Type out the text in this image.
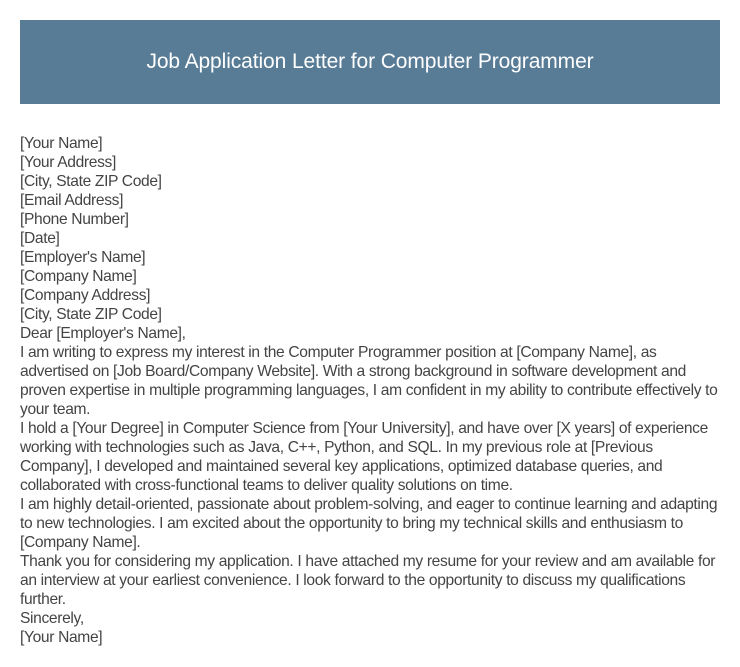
Job Application Letter for Computer Programmer

[Your Name]

[Your Address]

[City, State ZIP Code]

[Email Address]

[Phone Number]

[Date]

[Employer's Name]

[Company Name]

[Company Address]

[City, State ZIP Code]

Dear [Employer's Name],

I am writing to express my interest in the Computer Programmer position at [Company Name], as advertised on [Job Board/Company Website]. With a strong background in software development and proven expertise in multiple programming languages, I am confident in my ability to contribute effectively to your team.

I hold a [Your Degree] in Computer Science from [Your University], and have over [X years] of experience working with technologies such as Java, C++, Python, and SQL. In my previous role at [Previous Company], I developed and maintained several key applications, optimized database queries, and collaborated with cross-functional teams to deliver quality solutions on time.

I am highly detail-oriented, passionate about problem-solving, and eager to continue learning and adapting to new technologies. I am excited about the opportunity to bring my technical skills and enthusiasm to [Company Name].

Thank you for considering my application. I have attached my resume for your review and am available for an interview at your earliest convenience. I look forward to the opportunity to discuss my qualifications further.

Sincerely,

[Your Name]
